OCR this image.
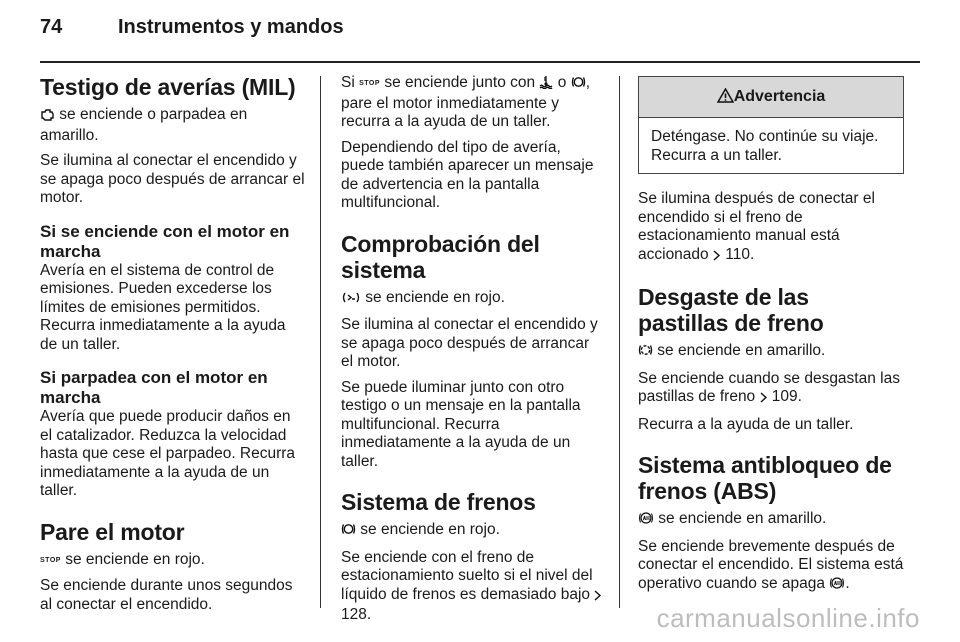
74	Instrumentos y mandos
Testigo de averías (MIL)

se enciende o parpadea en amarillo.

Se ilumina al conectar el encendido y se apaga poco después de arrancar el motor.

Si se enciende con el motor en marcha

Avería en el sistema de control de emisiones. Pueden excederse los límites de emisiones permitidos. Recurra inmediatamente a la ayuda de un taller.

Si parpadea con el motor en marcha

Avería que puede producir daños en el catalizador. Reduzca la velocidad hasta que cese el parpadeo. Recurra inmediatamente a la ayuda de un taller.

Pare el motor

STOP se enciende en rojo.

Se enciende durante unos segundos al conectar el encendido.

Si STOP se enciende junto con  o , pare el motor inmediatamente y recurra a la ayuda de un taller.

Dependiendo del tipo de avería, puede también aparecer un mensaje de advertencia en la pantalla multifuncional.

Comprobación del sistema

se enciende en rojo.

Se ilumina al conectar el encendido y se apaga poco después de arrancar el motor.

Se puede iluminar junto con otro testigo o un mensaje en la pantalla multifuncional. Recurra inmediatamente a la ayuda de un taller.

Sistema de frenos

se enciende en rojo.

Se enciende con el freno de estacionamiento suelto si el nivel del líquido de frenos es demasiado bajo  128.

Advertencia
Deténgase. No continúe su viaje. Recurra a un taller.

Se ilumina después de conectar el encendido si el freno de estacionamiento manual está accionado  110.

Desgaste de las pastillas de freno

se enciende en amarillo.

Se enciende cuando se desgastan las pastillas de freno  109.

Recurra a la ayuda de un taller.

Sistema antibloqueo de frenos (ABS)

se enciende en amarillo.

Se enciende brevemente después de conectar el encendido. El sistema está operativo cuando se apaga .

carmanualsonline.info
